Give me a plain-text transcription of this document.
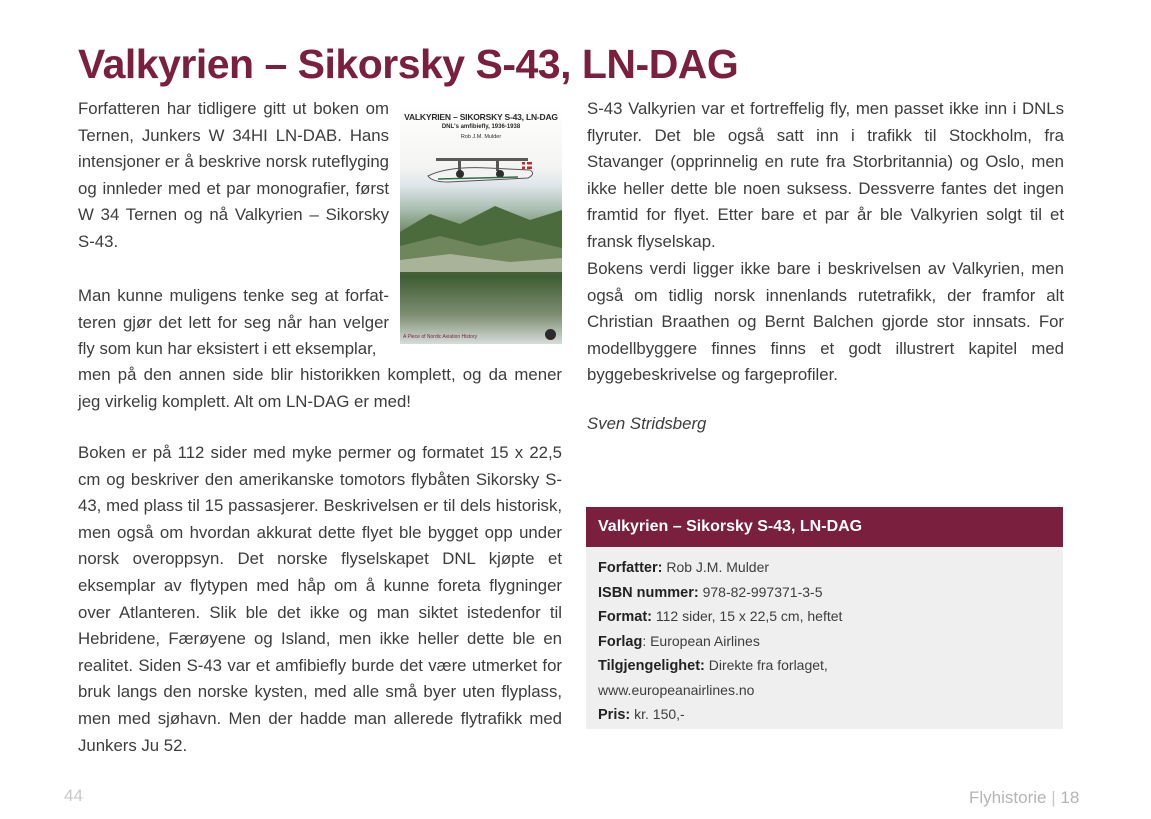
Valkyrien – Sikorsky S-43, LN-DAG

Forfatteren har tidligere gitt ut boken om Ternen, Junkers W 34HI LN-DAB. Hans intensjoner er å beskrive norsk ruteflyging og innleder med et par monografier, først W 34 Ternen og nå Valkyrien – Sikorsky S-43.

VALKYRIEN – SIKORSKY S-43, LN-DAG
DNL's amfibiefly, 1936-1938
Rob J.M. Mulder
A Piece of Nordic Aviation History

Man kunne muligens tenke seg at forfatteren gjør det lett for seg når han velger fly som kun har eksistert i ett eksemplar,

men på den annen side blir historikken komplett, og da mener jeg virkelig komplett. Alt om LN-DAG er med!

Boken er på 112 sider med myke permer og formatet 15 x 22,5 cm og beskriver den amerikanske tomotors flybåten Sikorsky S-43, med plass til 15 passasjerer. Beskrivelsen er til dels historisk, men også om hvordan akkurat dette flyet ble bygget opp under norsk overoppsyn. Det norske flyselskapet DNL kjøpte et eksemplar av flytypen med håp om å kunne foreta flygninger over Atlanteren. Slik ble det ikke og man siktet istedenfor til Hebridene, Færøyene og Island, men ikke heller dette ble en realitet. Siden S-43 var et amfibiefly burde det være utmerket for bruk langs den norske kysten, med alle små byer uten flyplass, men med sjøhavn. Men der hadde man allerede flytrafikk med Junkers Ju 52.

S-43 Valkyrien var et fortreffelig fly, men passet ikke inn i DNLs flyruter. Det ble også satt inn i trafikk til Stockholm, fra Stavanger (opprinnelig en rute fra Storbritannia) og Oslo, men ikke heller dette ble noen suksess. Dessverre fantes det ingen framtid for flyet. Etter bare et par år ble Valkyrien solgt til et fransk flyselskap.

Bokens verdi ligger ikke bare i beskrivelsen av Valkyrien, men også om tidlig norsk innenlands rutetrafikk, der framfor alt Christian Braathen og Bernt Balchen gjorde stor innsats. For modellbyggere finnes finns et godt illustrert kapitel med byggebeskrivelse og fargeprofiler.

Sven Stridsberg

Valkyrien – Sikorsky S-43, LN-DAG
Forfatter: Rob J.M. Mulder
ISBN nummer: 978-82-997371-3-5
Format: 112 sider, 15 x 22,5 cm, heftet
Forlag: European Airlines
Tilgjengelighet: Direkte fra forlaget,
www.europeanairlines.no
Pris: kr. 150,-
44	Flyhistorie | 18
